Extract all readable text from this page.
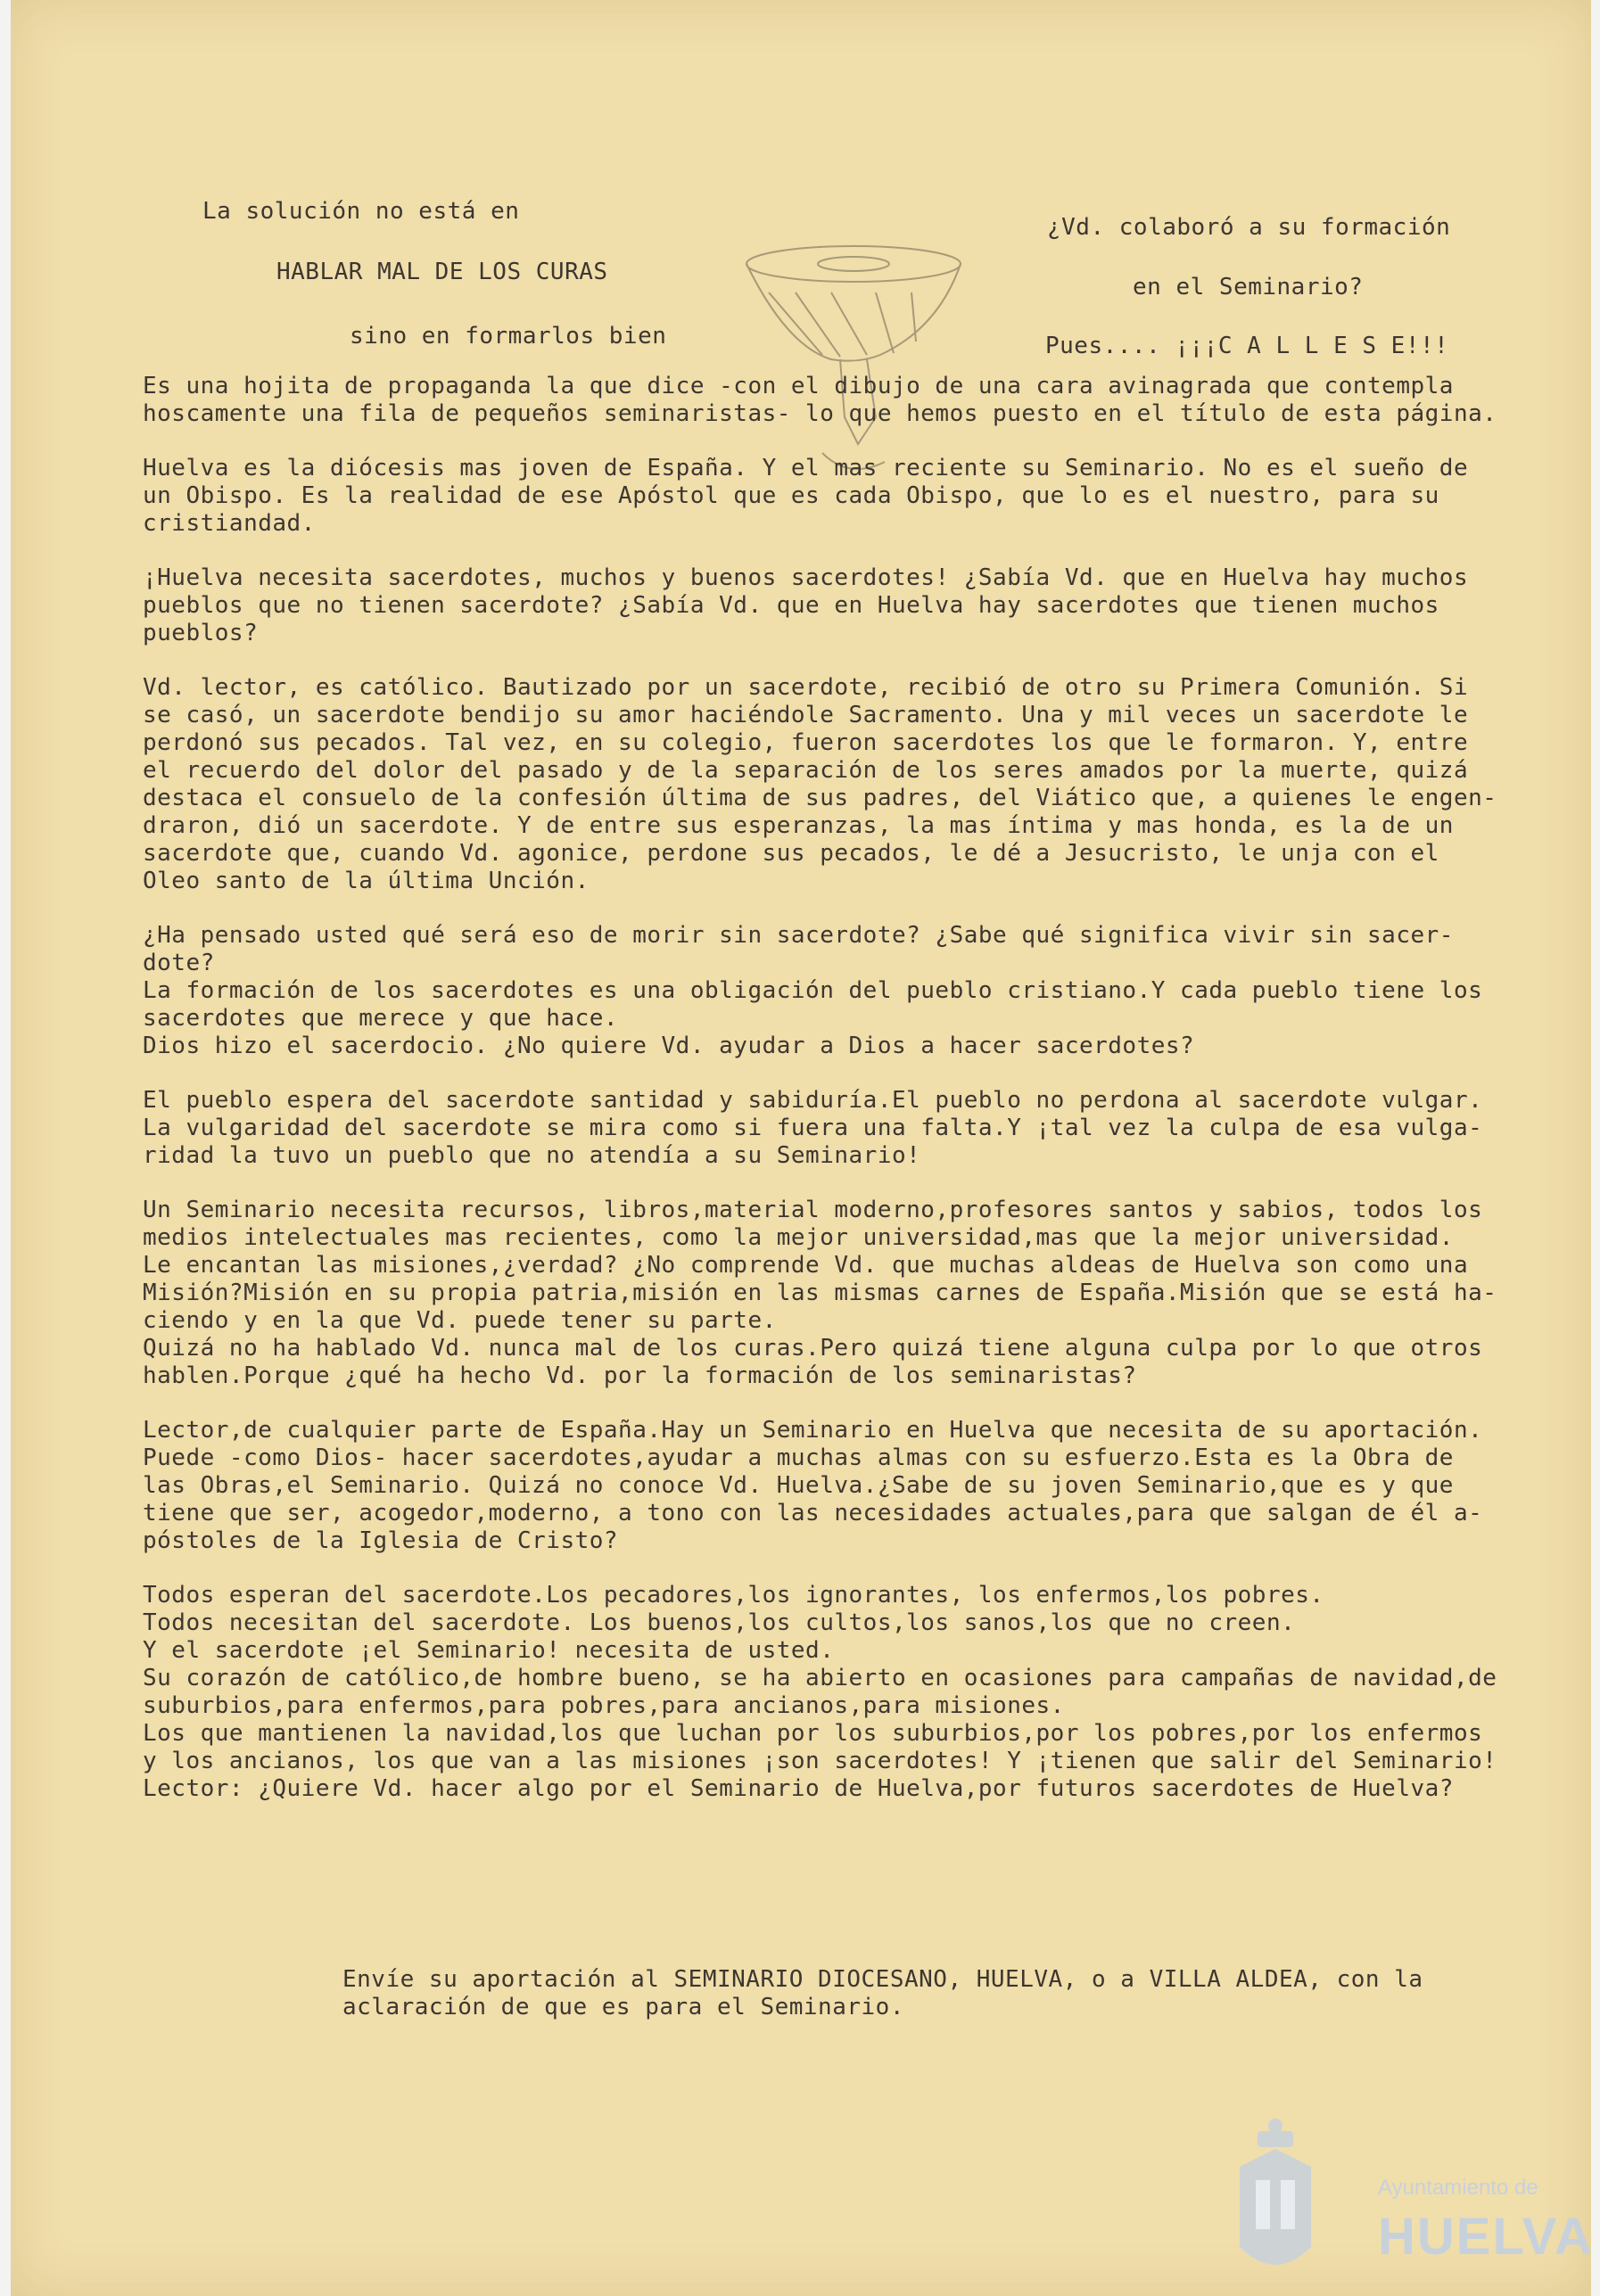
La solución no está en
HABLAR MAL DE LOS CURAS
sino en formarlos bien
¿Vd. colaboró a su formación
en el Seminario?
Pues.... ¡¡¡C A L L E S E!!!
Es una hojita de propaganda la que dice -con el dibujo de una cara avinagrada que contempla
hoscamente una fila de pequeños seminaristas- lo que hemos puesto en el título de esta página.
Huelva es la diócesis mas joven de España. Y el mas reciente su Seminario. No es el sueño de
un Obispo. Es la realidad de ese Apóstol que es cada Obispo, que lo es el nuestro, para su
cristiandad.
¡Huelva necesita sacerdotes, muchos y buenos sacerdotes! ¿Sabía Vd. que en Huelva hay muchos
pueblos que no tienen sacerdote? ¿Sabía Vd. que en Huelva hay sacerdotes que tienen muchos
pueblos?
Vd. lector, es católico. Bautizado por un sacerdote, recibió de otro su Primera Comunión. Si
se casó, un sacerdote bendijo su amor haciéndole Sacramento. Una y mil veces un sacerdote le
perdonó sus pecados. Tal vez, en su colegio, fueron sacerdotes los que le formaron. Y, entre
el recuerdo del dolor del pasado y de la separación de los seres amados por la muerte, quizá
destaca el consuelo de la confesión última de sus padres, del Viático que, a quienes le engen-
draron, dió un sacerdote. Y de entre sus esperanzas, la mas íntima y mas honda, es la de un
sacerdote que, cuando Vd. agonice, perdone sus pecados, le dé a Jesucristo, le unja con el
Oleo santo de la última Unción.
¿Ha pensado usted qué será eso de morir sin sacerdote? ¿Sabe qué significa vivir sin sacer-
dote?
La formación de los sacerdotes es una obligación del pueblo cristiano.Y cada pueblo tiene los
sacerdotes que merece y que hace.
Dios hizo el sacerdocio. ¿No quiere Vd. ayudar a Dios a hacer sacerdotes?
El pueblo espera del sacerdote santidad y sabiduría.El pueblo no perdona al sacerdote vulgar.
La vulgaridad del sacerdote se mira como si fuera una falta.Y ¡tal vez la culpa de esa vulga-
ridad la tuvo un pueblo que no atendía a su Seminario!
Un Seminario necesita recursos, libros,material moderno,profesores santos y sabios, todos los
medios intelectuales mas recientes, como la mejor universidad,mas que la mejor universidad.
Le encantan las misiones,¿verdad? ¿No comprende Vd. que muchas aldeas de Huelva son como una
Misión?Misión en su propia patria,misión en las mismas carnes de España.Misión que se está ha-
ciendo y en la que Vd. puede tener su parte.
Quizá no ha hablado Vd. nunca mal de los curas.Pero quizá tiene alguna culpa por lo que otros
hablen.Porque ¿qué ha hecho Vd. por la formación de los seminaristas?
Lector,de cualquier parte de España.Hay un Seminario en Huelva que necesita de su aportación.
Puede -como Dios- hacer sacerdotes,ayudar a muchas almas con su esfuerzo.Esta es la Obra de
las Obras,el Seminario. Quizá no conoce Vd. Huelva.¿Sabe de su joven Seminario,que es y que
tiene que ser, acogedor,moderno, a tono con las necesidades actuales,para que salgan de él a-
póstoles de la Iglesia de Cristo?
Todos esperan del sacerdote.Los pecadores,los ignorantes, los enfermos,los pobres.
Todos necesitan del sacerdote. Los buenos,los cultos,los sanos,los que no creen.
Y el sacerdote ¡el Seminario! necesita de usted.
Su corazón de católico,de hombre bueno, se ha abierto en ocasiones para campañas de navidad,de
suburbios,para enfermos,para pobres,para ancianos,para misiones.
Los que mantienen la navidad,los que luchan por los suburbios,por los pobres,por los enfermos
y los ancianos, los que van a las misiones ¡son sacerdotes! Y ¡tienen que salir del Seminario!
Lector: ¿Quiere Vd. hacer algo por el Seminario de Huelva,por futuros sacerdotes de Huelva?
Envíe su aportación al SEMINARIO DIOCESANO, HUELVA, o a VILLA ALDEA, con la
aclaración de que es para el Seminario.
Ayuntamiento de
HUELVA
